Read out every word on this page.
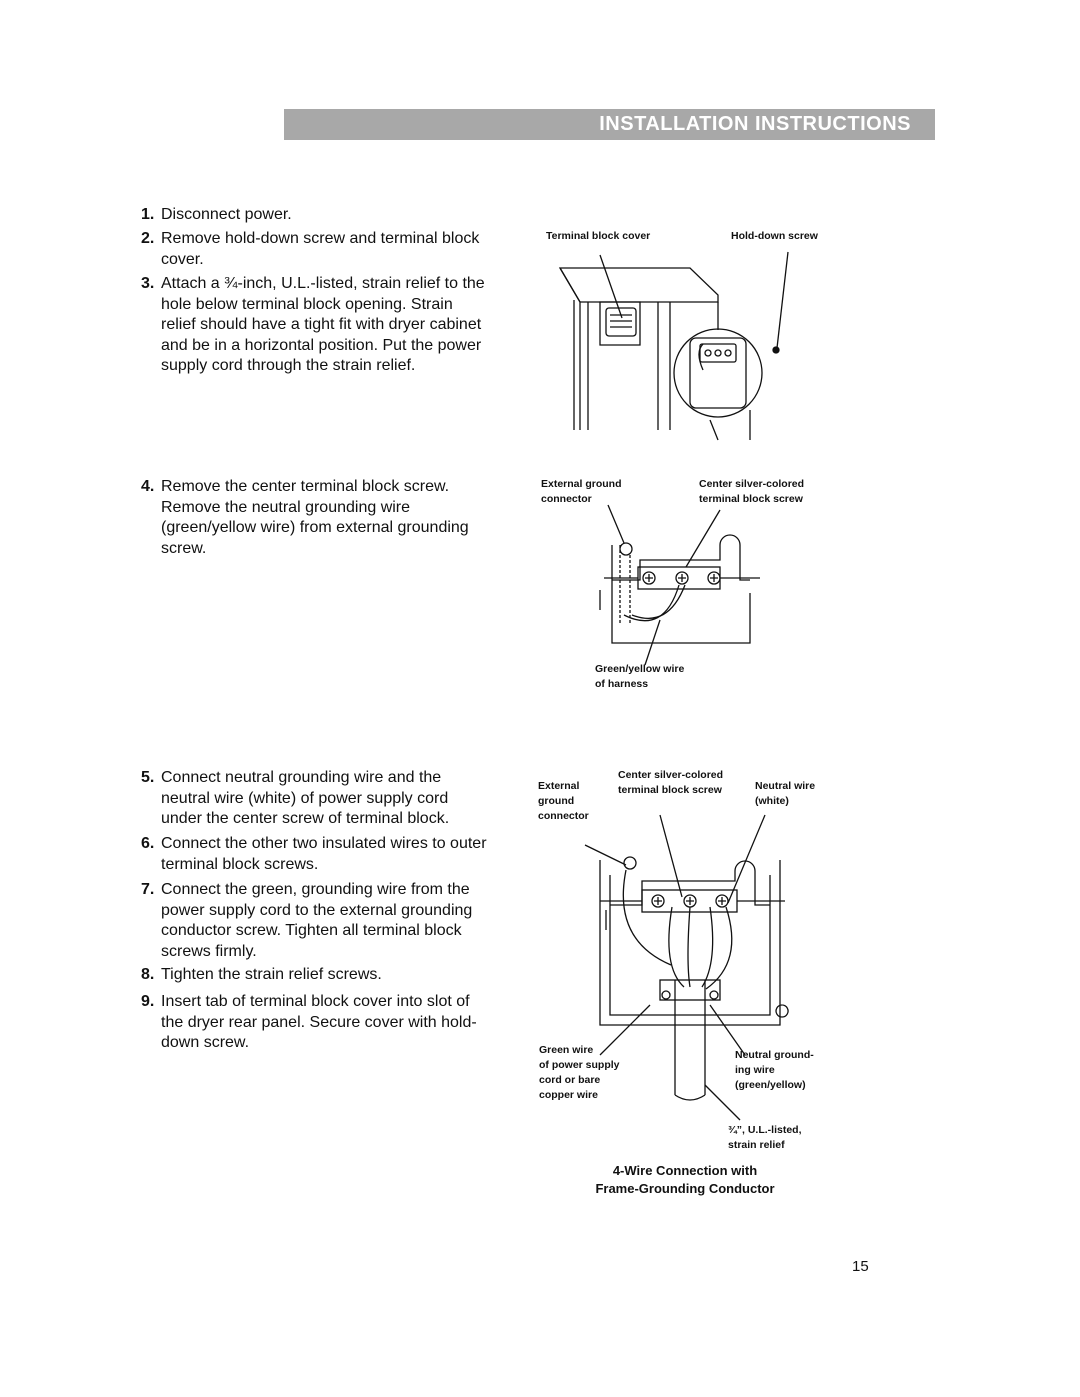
INSTALLATION INSTRUCTIONS
1. Disconnect power.
2. Remove hold-down screw and terminal block cover.
3. Attach a ¾-inch, U.L.-listed, strain relief to the hole below terminal block opening. Strain relief should have a tight fit with dryer cabinet and be in a horizontal position. Put the power supply cord through the strain relief.
4. Remove the center terminal block screw. Remove the neutral grounding wire (green/yellow wire) from external grounding screw.
5. Connect neutral grounding wire and the neutral wire (white) of power supply cord under the center screw of terminal block.
6. Connect the other two insulated wires to outer terminal block screws.
7. Connect the green, grounding wire from the power supply cord to the external grounding conductor screw. Tighten all terminal block screws firmly.
8. Tighten the strain relief screws.
9. Insert tab of terminal block cover into slot of the dryer rear panel. Secure cover with hold-down screw.
Terminal block cover	Hold-down screw
External ground
connector
Center silver-colored
terminal block screw
Green/yellow wire
of harness
External
ground
connector
Center silver-colored
terminal block screw	Neutral wire
(white)
Green wire
of power supply
cord or bare
copper wire
Neutral ground-
ing wire
(green/yellow)
¾”, U.L.-listed,
strain relief
4-Wire Connection with
Frame-Grounding Conductor
15
